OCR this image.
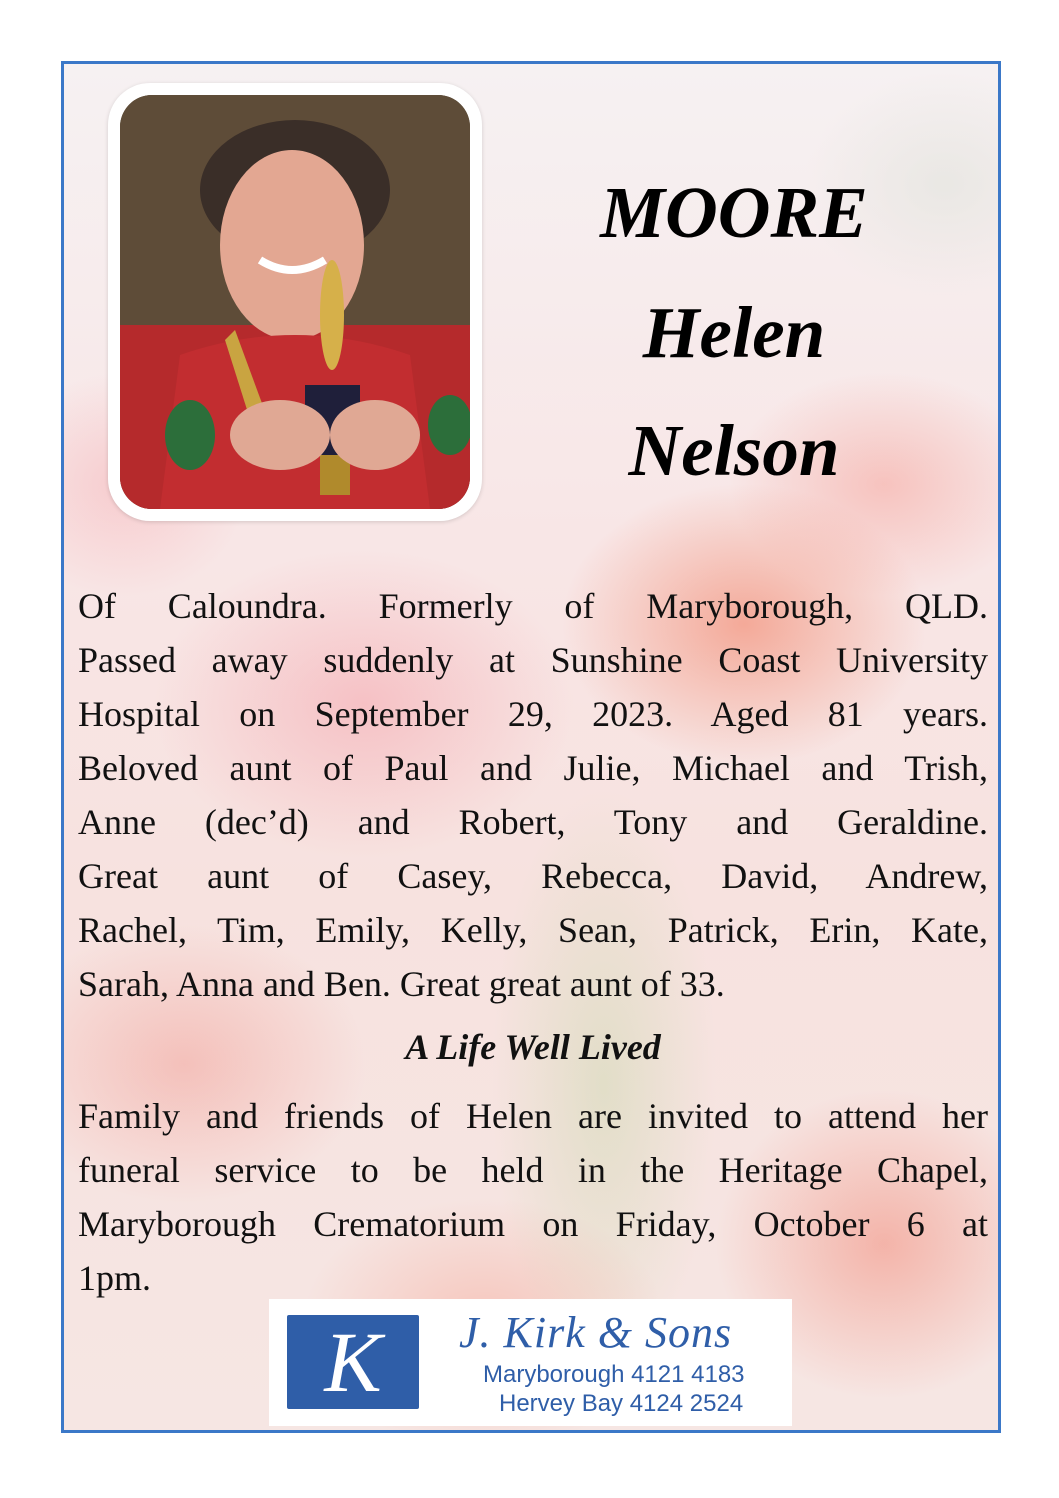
MOORE
Helen
Nelson
Of Caloundra. Formerly of Maryborough, QLD.
Passed away suddenly at Sunshine Coast University
Hospital on September 29, 2023. Aged 81 years.
Beloved aunt of Paul and Julie, Michael and Trish,
Anne (dec’d) and Robert, Tony and Geraldine.
Great aunt of Casey, Rebecca, David, Andrew,
Rachel, Tim, Emily, Kelly, Sean, Patrick, Erin, Kate,
Sarah, Anna and Ben. Great great aunt of 33.
A Life Well Lived
Family and friends of Helen are invited to attend her
funeral service to be held in the Heritage Chapel,
Maryborough Crematorium on Friday, October 6 at
1pm.
K	J. Kirk & Sons
Maryborough 4121 4183
Hervey Bay 4124 2524
